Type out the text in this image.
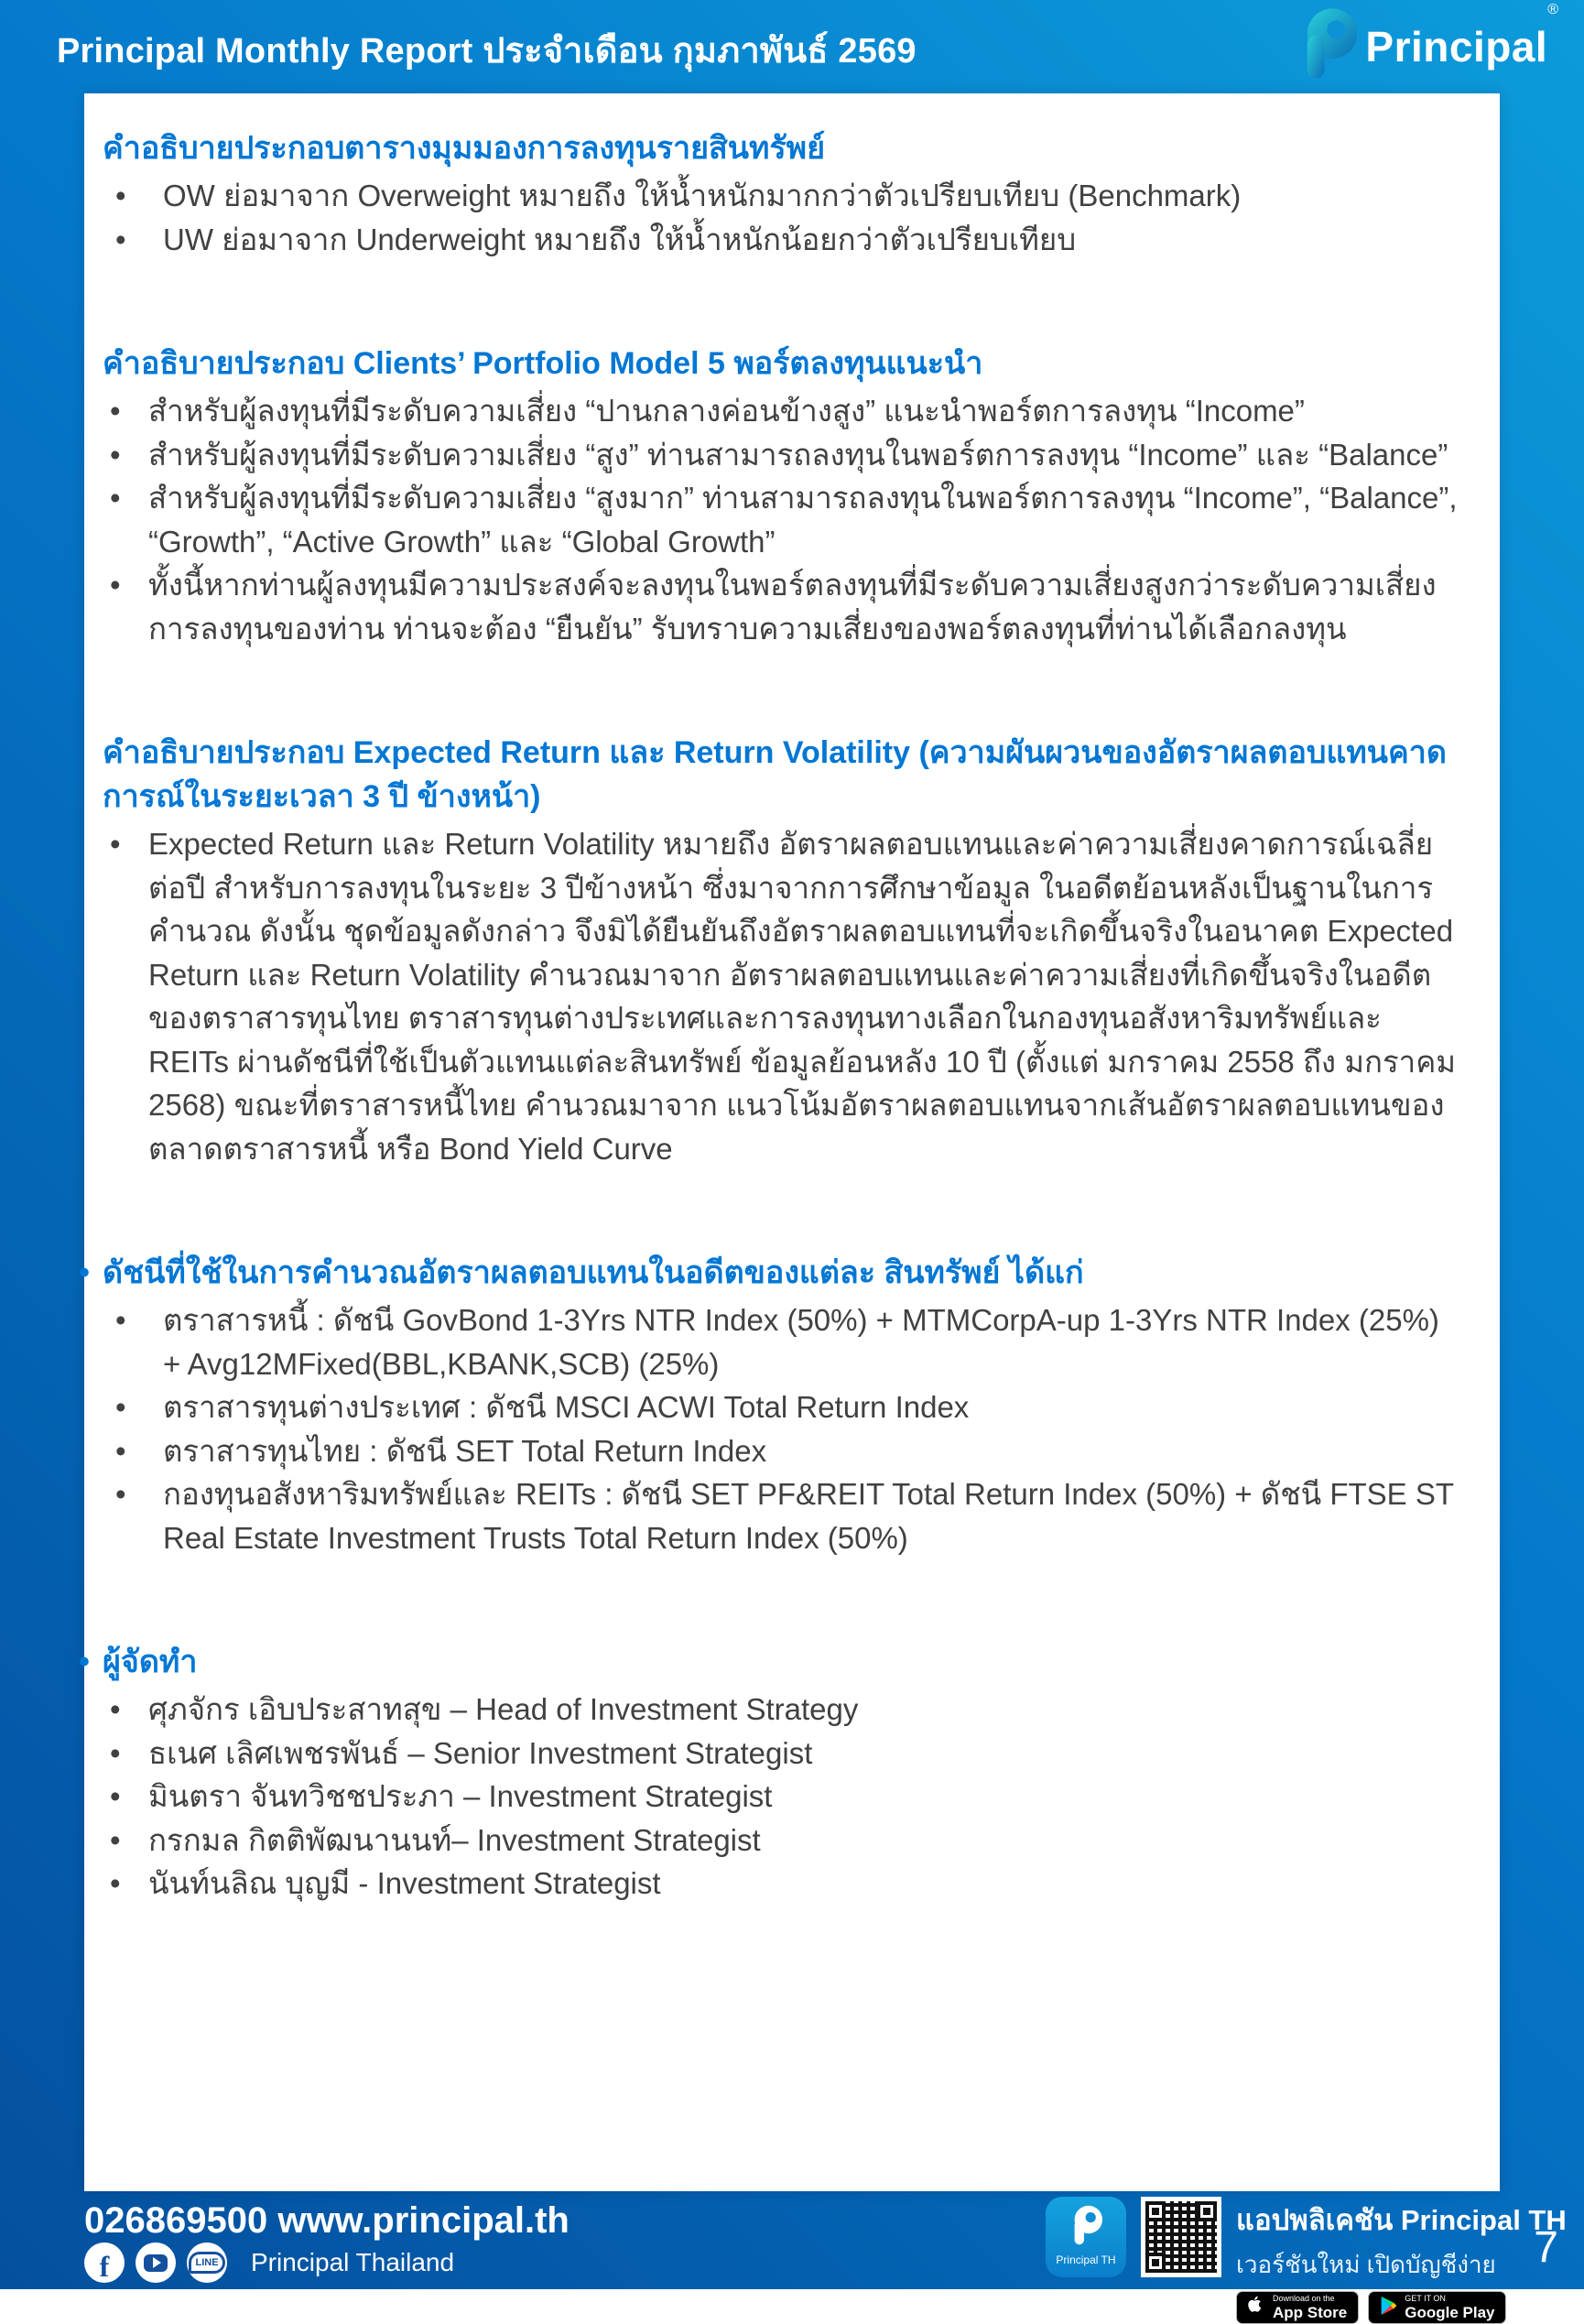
Principal Monthly Report ประจำเดือน กุมภาพันธ์ 2569	Principal®
คำอธิบายประกอบตารางมุมมองการลงทุนรายสินทรัพย์
• OW ย่อมาจาก Overweight หมายถึง ให้น้ำหนักมากกว่าตัวเปรียบเทียบ (Benchmark)
• UW ย่อมาจาก Underweight หมายถึง ให้น้ำหนักน้อยกว่าตัวเปรียบเทียบ
คำอธิบายประกอบ Clients’ Portfolio Model 5 พอร์ตลงทุนแนะนำ
• สำหรับผู้ลงทุนที่มีระดับความเสี่ยง “ปานกลางค่อนข้างสูง” แนะนำพอร์ตการลงทุน “Income”
• สำหรับผู้ลงทุนที่มีระดับความเสี่ยง “สูง” ท่านสามารถลงทุนในพอร์ตการลงทุน “Income” และ “Balance”
• สำหรับผู้ลงทุนที่มีระดับความเสี่ยง “สูงมาก” ท่านสามารถลงทุนในพอร์ตการลงทุน “Income”, “Balance”, “Growth”, “Active Growth” และ “Global Growth”
• ทั้งนี้หากท่านผู้ลงทุนมีความประสงค์จะลงทุนในพอร์ตลงทุนที่มีระดับความเสี่ยงสูงกว่าระดับความเสี่ยงการลงทุนของท่าน ท่านจะต้อง “ยืนยัน” รับทราบความเสี่ยงของพอร์ตลงทุนที่ท่านได้เลือกลงทุน
คำอธิบายประกอบ Expected Return และ Return Volatility (ความผันผวนของอัตราผลตอบแทนคาดการณ์ในระยะเวลา 3 ปี ข้างหน้า)
• Expected Return และ Return Volatility หมายถึง อัตราผลตอบแทนและค่าความเสี่ยงคาดการณ์เฉลี่ยต่อปี สำหรับการลงทุนในระยะ 3 ปีข้างหน้า ซึ่งมาจากการศึกษาข้อมูล ในอดีตย้อนหลังเป็นฐานในการคำนวณ ดังนั้น ชุดข้อมูลดังกล่าว จึงมิได้ยืนยันถึงอัตราผลตอบแทนที่จะเกิดขึ้นจริงในอนาคต Expected Return และ Return Volatility คำนวณมาจาก อัตราผลตอบแทนและค่าความเสี่ยงที่เกิดขึ้นจริงในอดีตของตราสารทุนไทย ตราสารทุนต่างประเทศและการลงทุนทางเลือกในกองทุนอสังหาริมทรัพย์และ REITs ผ่านดัชนีที่ใช้เป็นตัวแทนแต่ละสินทรัพย์ ข้อมูลย้อนหลัง 10 ปี (ตั้งแต่ มกราคม 2558 ถึง มกราคม 2568) ขณะที่ตราสารหนี้ไทย คำนวณมาจาก แนวโน้มอัตราผลตอบแทนจากเส้นอัตราผลตอบแทนของตลาดตราสารหนี้ หรือ Bond Yield Curve
• ดัชนีที่ใช้ในการคำนวณอัตราผลตอบแทนในอดีตของแต่ละ สินทรัพย์ ได้แก่
• ตราสารหนี้ : ดัชนี GovBond 1-3Yrs NTR Index (50%) + MTMCorpA-up 1-3Yrs NTR Index (25%) + Avg12MFixed(BBL,KBANK,SCB) (25%)
• ตราสารทุนต่างประเทศ : ดัชนี MSCI ACWI Total Return Index
• ตราสารทุนไทย : ดัชนี SET Total Return Index
• กองทุนอสังหาริมทรัพย์และ REITs : ดัชนี SET PF&REIT Total Return Index (50%) + ดัชนี FTSE ST Real Estate Investment Trusts Total Return Index (50%)
• ผู้จัดทำ
• ศุภจักร เอิบประสาทสุข – Head of Investment Strategy
• ธเนศ เลิศเพชรพันธ์ – Senior Investment Strategist
• มินตรา จันทวิชชประภา – Investment Strategist
• กรกมล กิตติพัฒนานนท์– Investment Strategist
• นันท์นลิณ บุญมี - Investment Strategist
026869500 www.principal.th
f	LINE Principal Thailand	Principal TH
แอปพลิเคชัน Principal TH
เวอร์ชันใหม่ เปิดบัญชีง่าย
Download on the
App Store
GET IT ON
Google Play
7
